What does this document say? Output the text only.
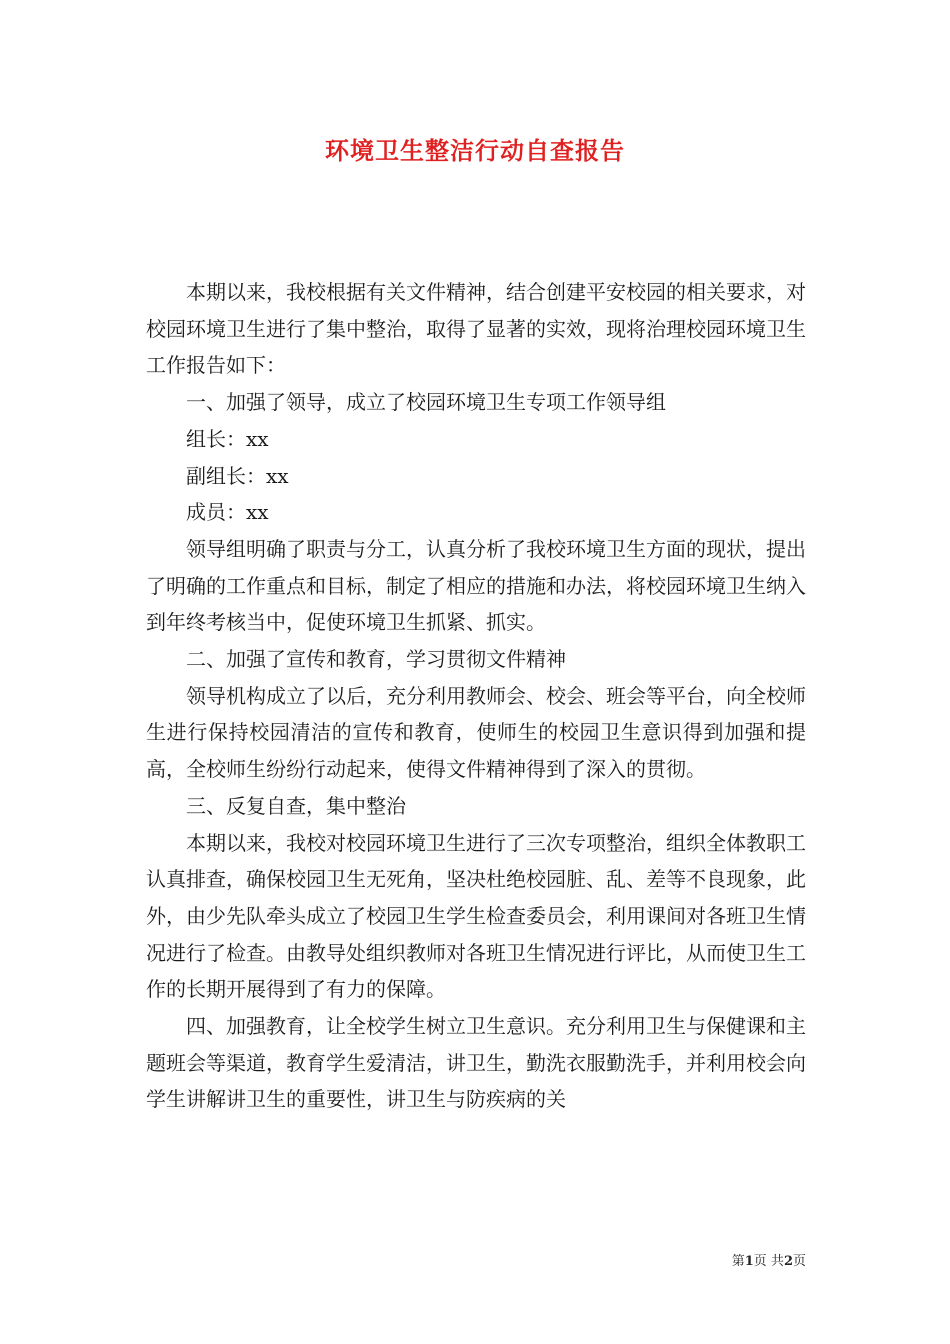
环境卫生整洁行动自查报告

本期以来，我校根据有关文件精神，结合创建平安校园的相关要求，对校园环境卫生进行了集中整治，取得了显著的实效，现将治理校园环境卫生工作报告如下：

一、加强了领导，成立了校园环境卫生专项工作领导组

组长：xx

副组长：xx

成员：xx

领导组明确了职责与分工，认真分析了我校环境卫生方面的现状，提出了明确的工作重点和目标，制定了相应的措施和办法，将校园环境卫生纳入到年终考核当中，促使环境卫生抓紧、抓实。

二、加强了宣传和教育，学习贯彻文件精神

领导机构成立了以后，充分利用教师会、校会、班会等平台，向全校师生进行保持校园清洁的宣传和教育，使师生的校园卫生意识得到加强和提高，全校师生纷纷行动起来，使得文件精神得到了深入的贯彻。

三、反复自查，集中整治

本期以来，我校对校园环境卫生进行了三次专项整治，组织全体教职工认真排查，确保校园卫生无死角，坚决杜绝校园脏、乱、差等不良现象，此外，由少先队牵头成立了校园卫生学生检查委员会，利用课间对各班卫生情况进行了检查。由教导处组织教师对各班卫生情况进行评比，从而使卫生工作的长期开展得到了有力的保障。

四、加强教育，让全校学生树立卫生意识。充分利用卫生与保健课和主题班会等渠道，教育学生爱清洁，讲卫生，勤洗衣服勤洗手，并利用校会向学生讲解讲卫生的重要性，讲卫生与防疾病的关

第1页 共2页
